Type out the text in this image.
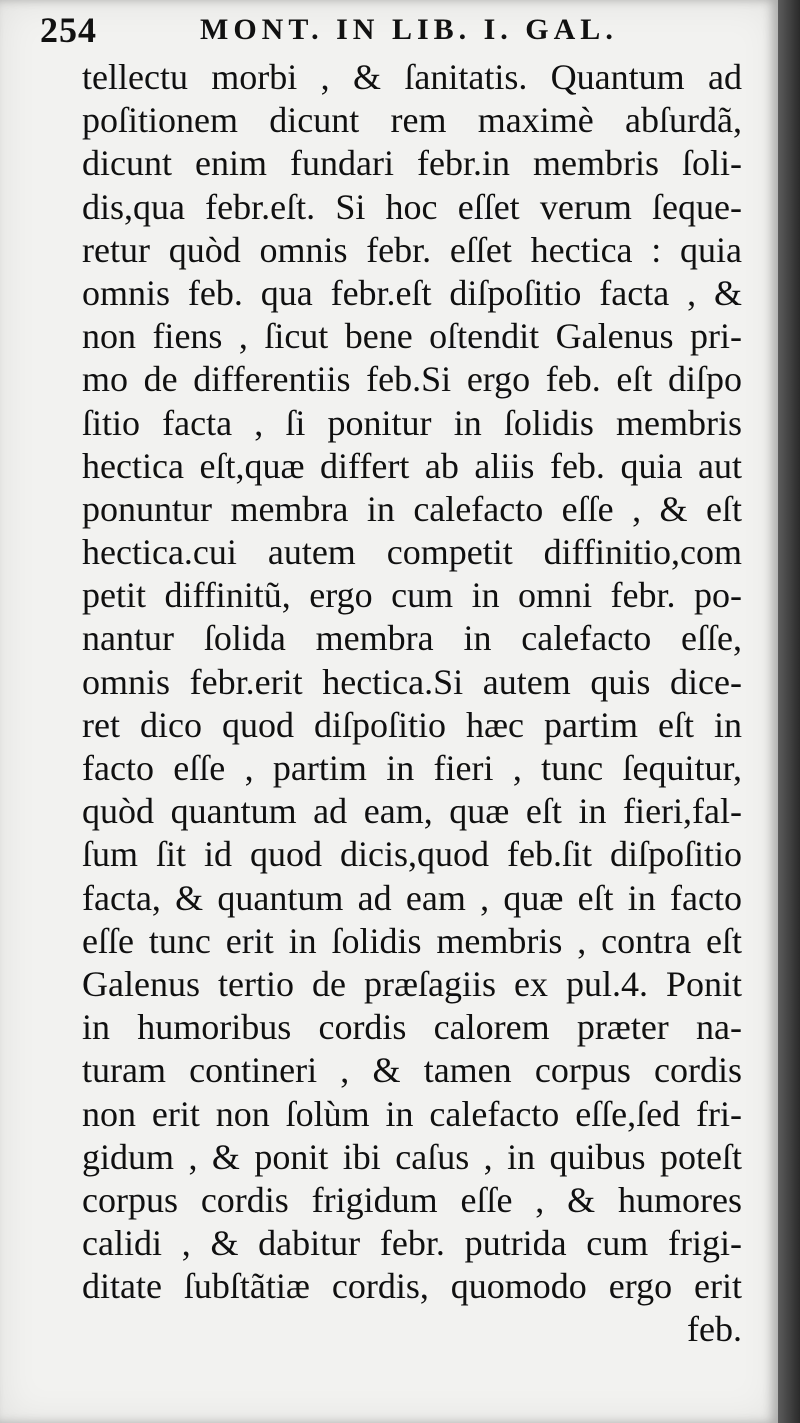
254	MONT. IN LIB. I. GAL.
tellectu morbi , & ſanitatis. Quantum ad
poſitionem dicunt rem maximè abſurdã,
dicunt enim fundari febr.in membris ſoli-
dis,qua febr.eſt. Si hoc eſſet verum ſeque-
retur quòd omnis febr. eſſet hectica : quia
omnis feb. qua febr.eſt diſpoſitio facta , &
non fiens , ſicut bene oſtendit Galenus pri-
mo de differentiis feb.Si ergo feb. eſt diſpo
ſitio facta , ſi ponitur in ſolidis membris
hectica eſt,quæ differt ab aliis feb. quia aut
ponuntur membra in calefacto eſſe , & eſt
hectica.cui autem competit diffinitio,com
petit diffinitũ, ergo cum in omni febr. po-
nantur ſolida membra in calefacto eſſe,
omnis febr.erit hectica.Si autem quis dice-
ret dico quod diſpoſitio hæc partim eſt in
facto eſſe , partim in fieri , tunc ſequitur,
quòd quantum ad eam, quæ eſt in fieri,fal-
ſum ſit id quod dicis,quod feb.ſit diſpoſitio
facta, & quantum ad eam , quæ eſt in facto
eſſe tunc erit in ſolidis membris , contra eſt
Galenus tertio de præſagiis ex pul.4. Ponit
in humoribus cordis calorem præter na-
turam contineri , & tamen corpus cordis
non erit non ſolùm in calefacto eſſe,ſed fri-
gidum , & ponit ibi caſus , in quibus poteſt
corpus cordis frigidum eſſe , & humores
calidi , & dabitur febr. putrida cum frigi-
ditate ſubſtãtiæ cordis, quomodo ergo erit
feb.
